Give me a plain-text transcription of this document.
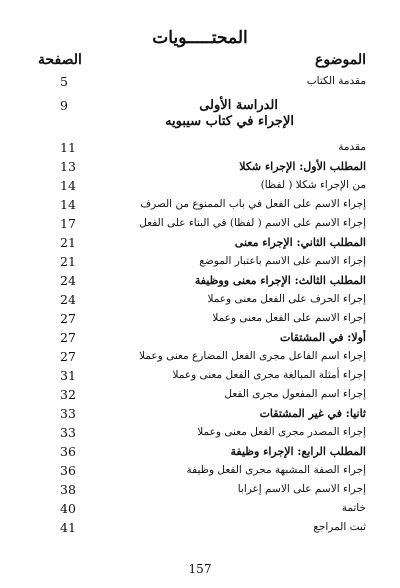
المحتـــــويات
الموضوع
الصفحة
مقدمة الكتاب
5
الدراسة الأولى
الإجراء في كتاب سيبويه
9
مقدمة
11
المطلب الأول: الإجراء شكلا
13
من الإجراء شكلا ( لفظا)
14
إجراء الاسم على الفعل في باب الممنوع من الصرف
14
إجراء الاسم على الاسم ( لفظا) في البناء على الفعل
17
المطلب الثاني: الإجراء معنى
21
إجراء الاسم على الاسم باعتبار الموضع
21
المطلب الثالث: الإجراء معنى ووظيفة
24
إجراء الحرف على الفعل معنى وعملا
24
إجراء الاسم على الفعل معنى وعملا
27
أولا: في المشتقات
27
إجراء اسم الفاعل مجرى الفعل المضارع معنى وعملا
27
إجراء أمثلة المبالغة مجرى الفعل معنى وعملا
31
إجراء اسم المفعول مجرى الفعل
32
ثانيا: في غير المشتقات
33
إجراء المصدر مجرى الفعل معنى وعملا
33
المطلب الرابع: الإجراء وظيفة
36
إجراء الصفة المشبهة مجرى الفعل وظيفة
36
إجراء الاسم على الاسم إعرابا
38
خاتمة
40
ثبت المراجع
41
157
